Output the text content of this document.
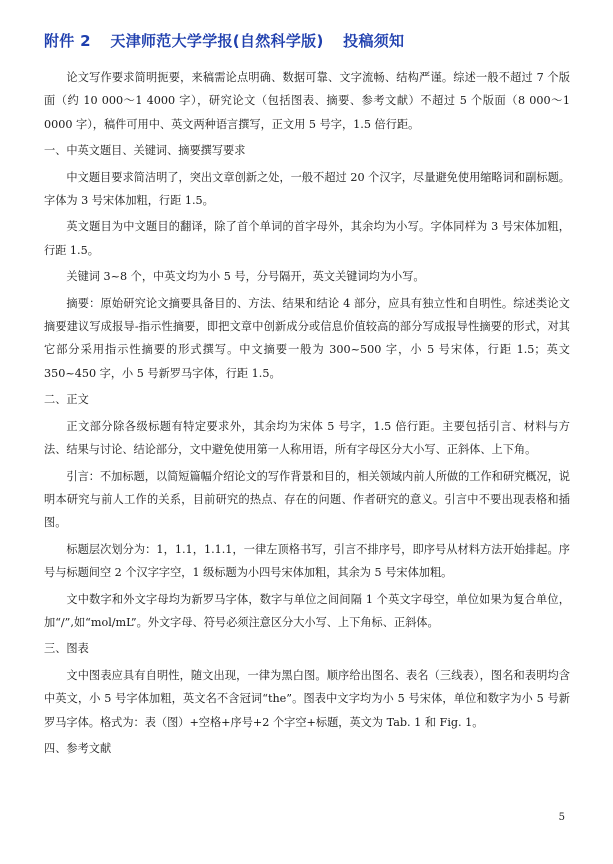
附件 2 天津师范大学学报(自然科学版) 投稿须知

论文写作要求简明扼要，来稿需论点明确、数据可靠、文字流畅、结构严谨。综述一般不超过 7 个版面（约 10 000～1 4000 字），研究论文（包括图表、摘要、参考文献）不超过 5 个版面（8 000～1 0000 字），稿件可用中、英文两种语言撰写，正文用 5 号字，1.5 倍行距。

一、中英文题目、关键词、摘要撰写要求

中文题目要求简洁明了，突出文章创新之处，一般不超过 20 个汉字，尽量避免使用缩略词和副标题。字体为 3 号宋体加粗，行距 1.5。

英文题目为中文题目的翻译，除了首个单词的首字母外，其余均为小写。字体同样为 3 号宋体加粗，行距 1.5。

关键词 3~8 个，中英文均为小 5 号，分号隔开，英文关键词均为小写。

摘要：原始研究论文摘要具备目的、方法、结果和结论 4 部分，应具有独立性和自明性。综述类论文摘要建议写成报导-指示性摘要，即把文章中创新成分或信息价值较高的部分写成报导性摘要的形式，对其它部分采用指示性摘要的形式撰写。中文摘要一般为 300~500 字，小 5 号宋体，行距 1.5；英文 350~450 字，小 5 号新罗马字体，行距 1.5。

二、正文

正文部分除各级标题有特定要求外，其余均为宋体 5 号字，1.5 倍行距。主要包括引言、材料与方法、结果与讨论、结论部分，文中避免使用第一人称用语，所有字母区分大小写、正斜体、上下角。

引言：不加标题，以简短篇幅介绍论文的写作背景和目的，相关领域内前人所做的工作和研究概况，说明本研究与前人工作的关系，目前研究的热点、存在的问题、作者研究的意义。引言中不要出现表格和插图。

标题层次划分为：1，1.1，1.1.1，一律左顶格书写，引言不排序号，即序号从材料方法开始排起。序号与标题间空 2 个汉字字空，1 级标题为小四号宋体加粗，其余为 5 号宋体加粗。

文中数字和外文字母均为新罗马字体，数字与单位之间间隔 1 个英文字母空，单位如果为复合单位，加“/”,如“mol/mL”。外文字母、符号必须注意区分大小写、上下角标、正斜体。

三、图表

文中图表应具有自明性，随文出现，一律为黑白图。顺序给出图名、表名（三线表），图名和表明均含中英文，小 5 号字体加粗，英文名不含冠词“the”。图表中文字均为小 5 号宋体，单位和数字为小 5 号新罗马字体。格式为：表（图）+空格+序号+2 个字空+标题，英文为 Tab. 1 和 Fig. 1。

四、参考文献
5
